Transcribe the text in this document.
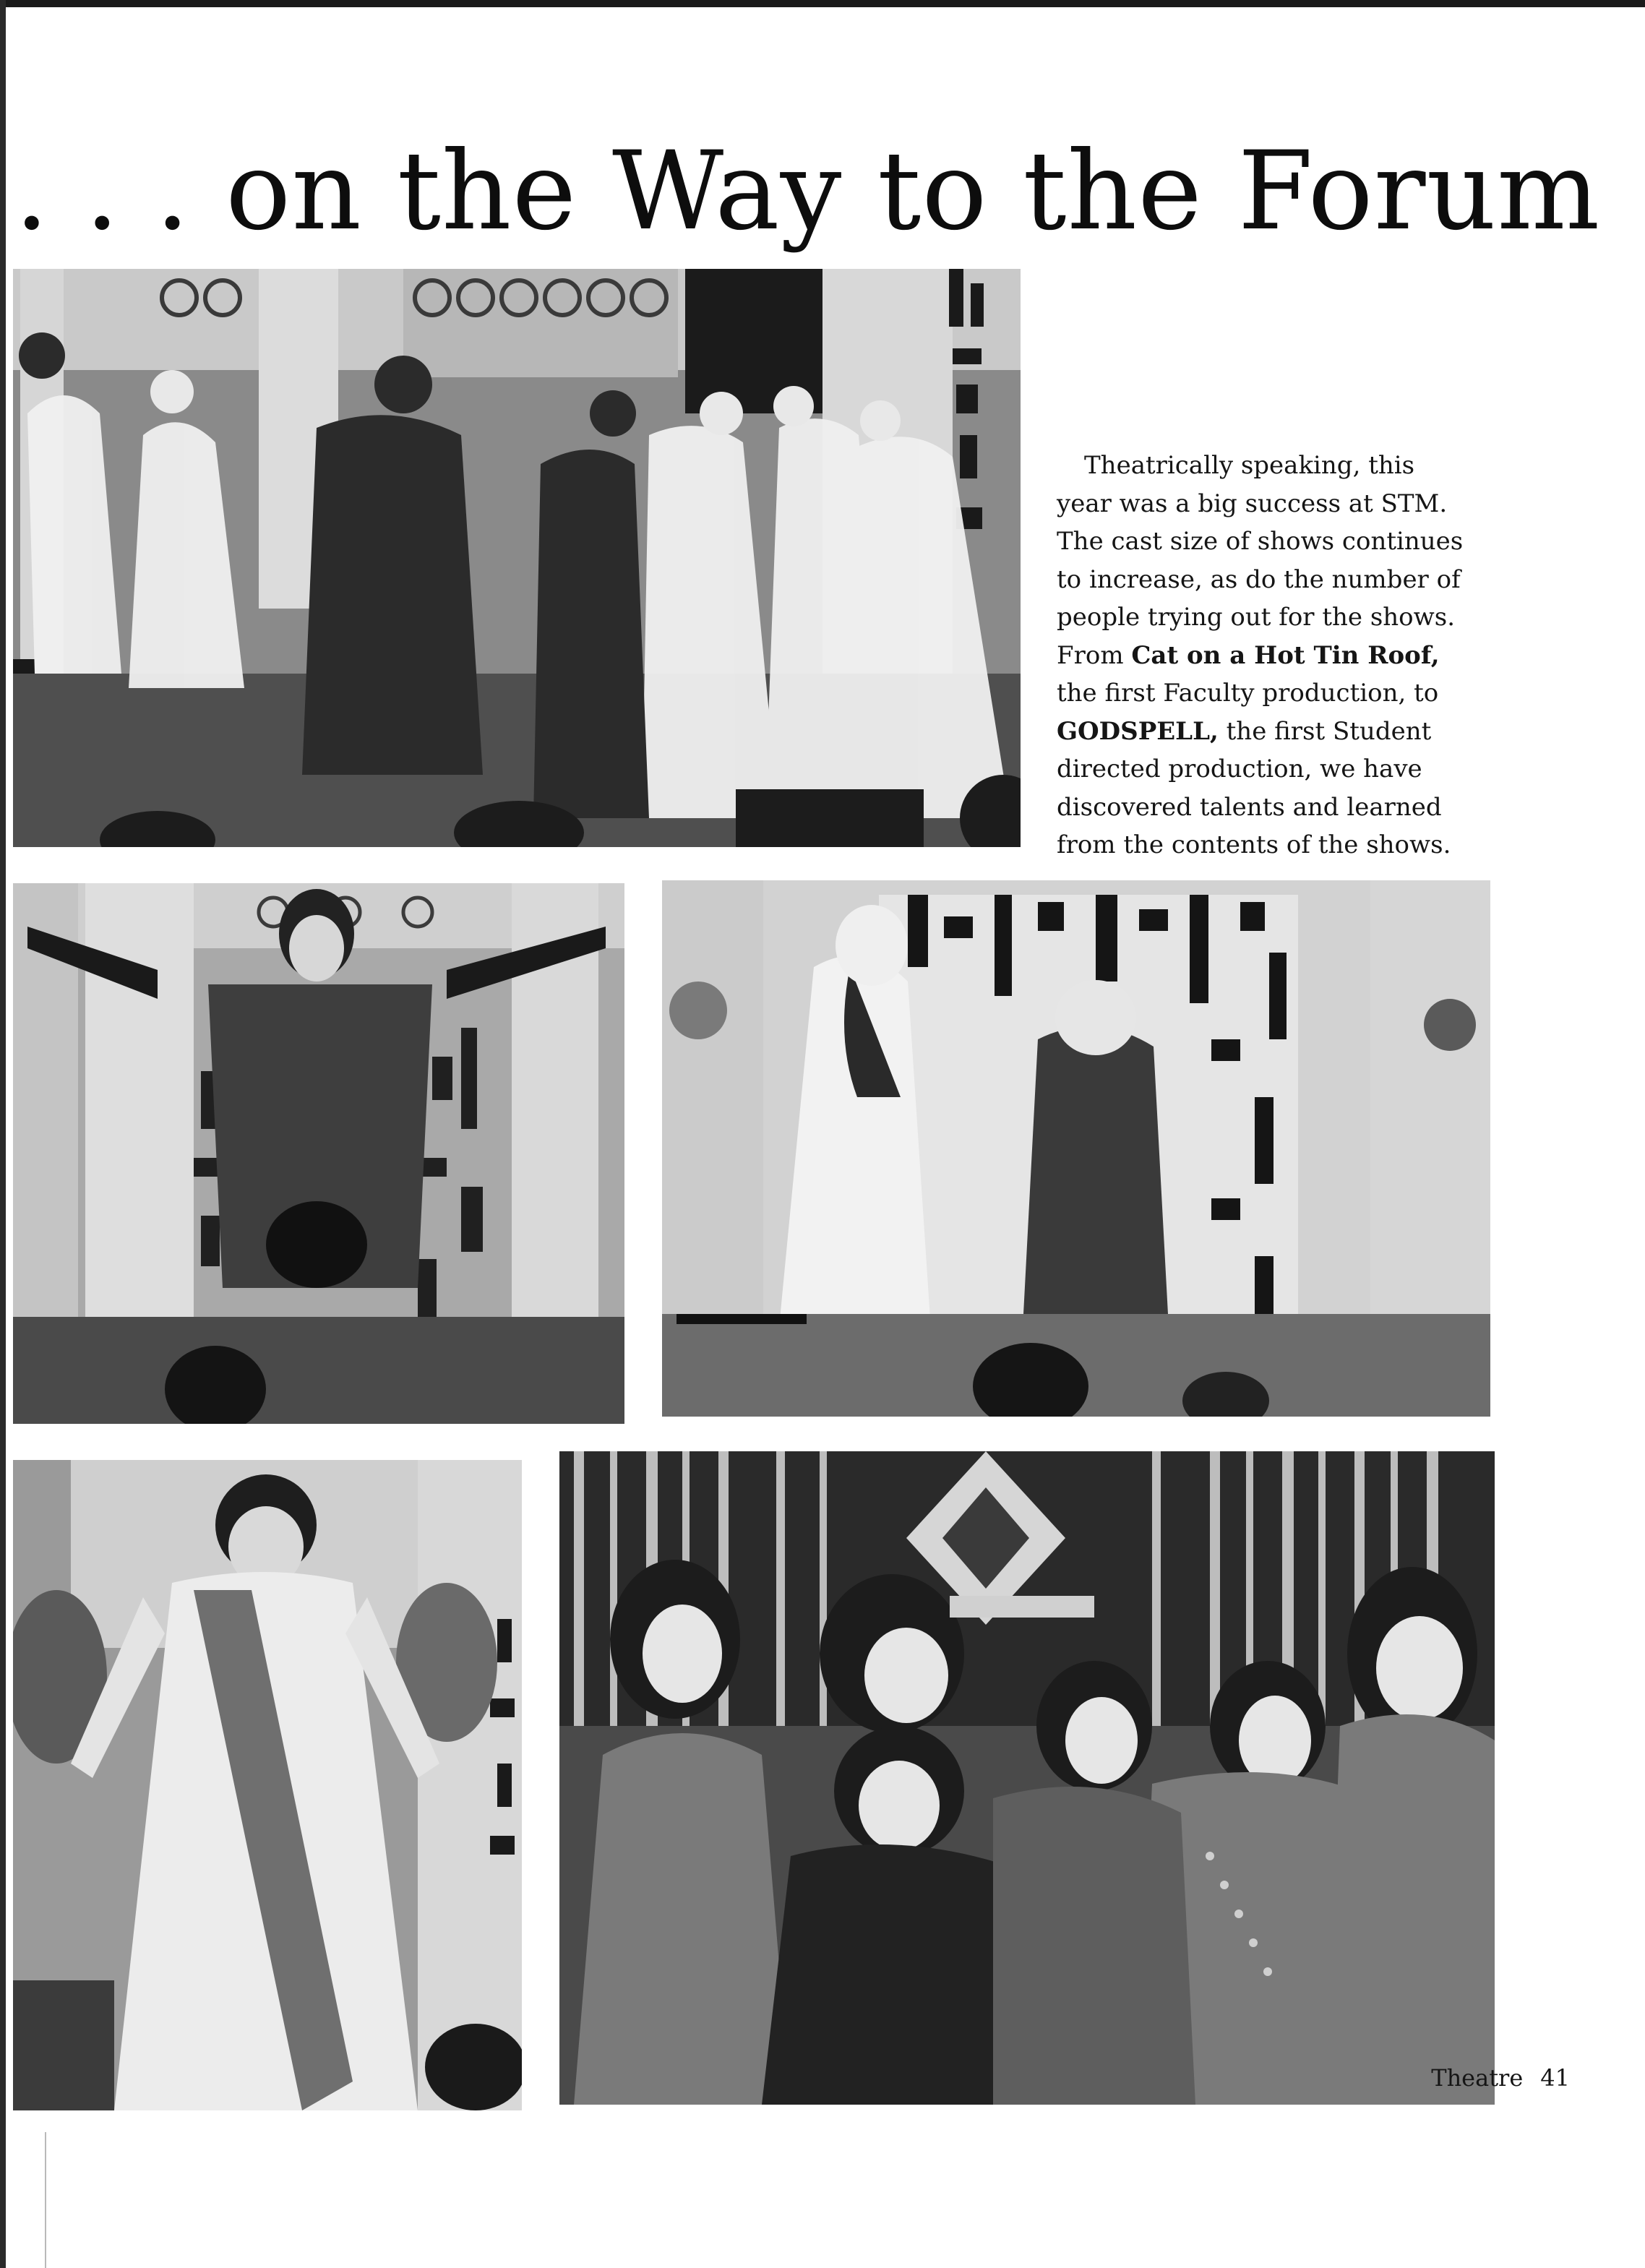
. . . on the Way to the Forum

Theatrically speaking, this
year was a big success at STM.
The cast size of shows continues
to increase, as do the number of
people trying out for the shows.
From Cat on a Hot Tin Roof,
the first Faculty production, to
GODSPELL, the first Student
directed production, we have
discovered talents and learned
from the contents of the shows.

Theatre 41
